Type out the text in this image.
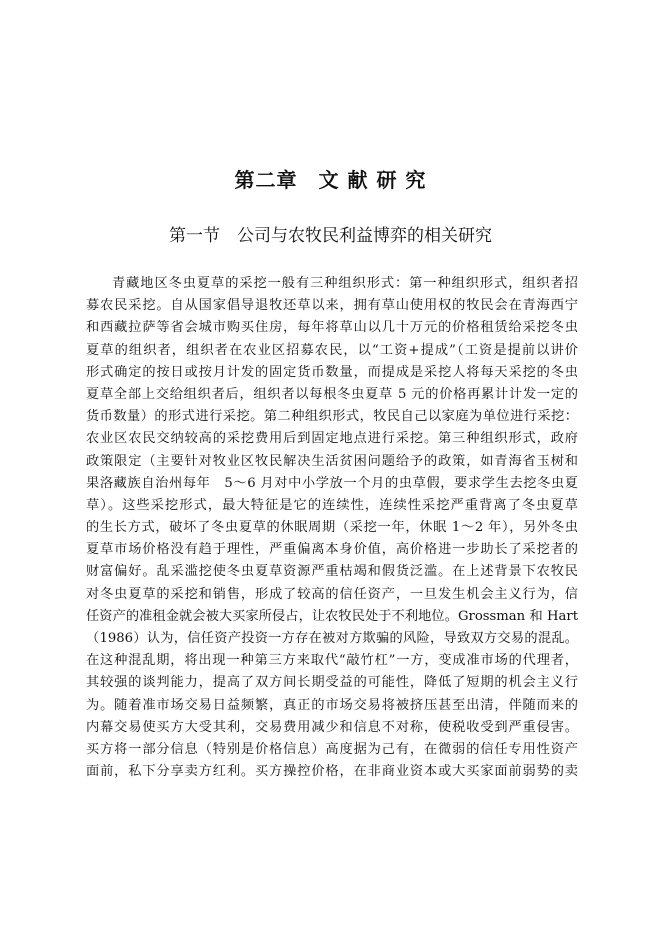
第二章　文 献 研 究
第一节　公司与农牧民利益博弈的相关研究
青藏地区冬虫夏草的采挖一般有三种组织形式：第一种组织形式，组织者招
募农民采挖。自从国家倡导退牧还草以来，拥有草山使用权的牧民会在青海西宁
和西藏拉萨等省会城市购买住房，每年将草山以几十万元的价格租赁给采挖冬虫
夏草的组织者，组织者在农业区招募农民，以“工资+提成”（工资是提前以讲价
形式确定的按日或按月计发的固定货币数量，而提成是采挖人将每天采挖的冬虫
夏草全部上交给组织者后，组织者以每根冬虫夏草 5 元的价格再累计计发一定的
货币数量）的形式进行采挖。第二种组织形式，牧民自己以家庭为单位进行采挖：
农业区农民交纳较高的采挖费用后到固定地点进行采挖。第三种组织形式，政府
政策限定（主要针对牧业区牧民解决生活贫困问题给予的政策，如青海省玉树和
果洛藏族自治州每年　5～6 月对中小学放一个月的虫草假，要求学生去挖冬虫夏
草）。这些采挖形式，最大特征是它的连续性，连续性采挖严重背离了冬虫夏草
的生长方式，破坏了冬虫夏草的休眠周期（采挖一年，休眠 1～2 年），另外冬虫
夏草市场价格没有趋于理性，严重偏离本身价值，高价格进一步助长了采挖者的
财富偏好。乱采滥挖使冬虫夏草资源严重枯竭和假货泛滥。在上述背景下农牧民
对冬虫夏草的采挖和销售，形成了较高的信任资产，一旦发生机会主义行为，信
任资产的准租金就会被大买家所侵占，让农牧民处于不利地位。Grossman 和 Hart
（1986）认为，信任资产投资一方存在被对方欺骗的风险，导致双方交易的混乱。
在这种混乱期，将出现一种第三方来取代“敲竹杠”一方，变成准市场的代理者，
其较强的谈判能力，提高了双方间长期受益的可能性，降低了短期的机会主义行
为。随着准市场交易日益频繁，真正的市场交易将被挤压甚至出清，伴随而来的
内幕交易使买方大受其利，交易费用减少和信息不对称，使税收受到严重侵害。
买方将一部分信息（特别是价格信息）高度据为己有，在微弱的信任专用性资产
面前，私下分享卖方红利。买方操控价格，在非商业资本或大买家面前弱势的卖
